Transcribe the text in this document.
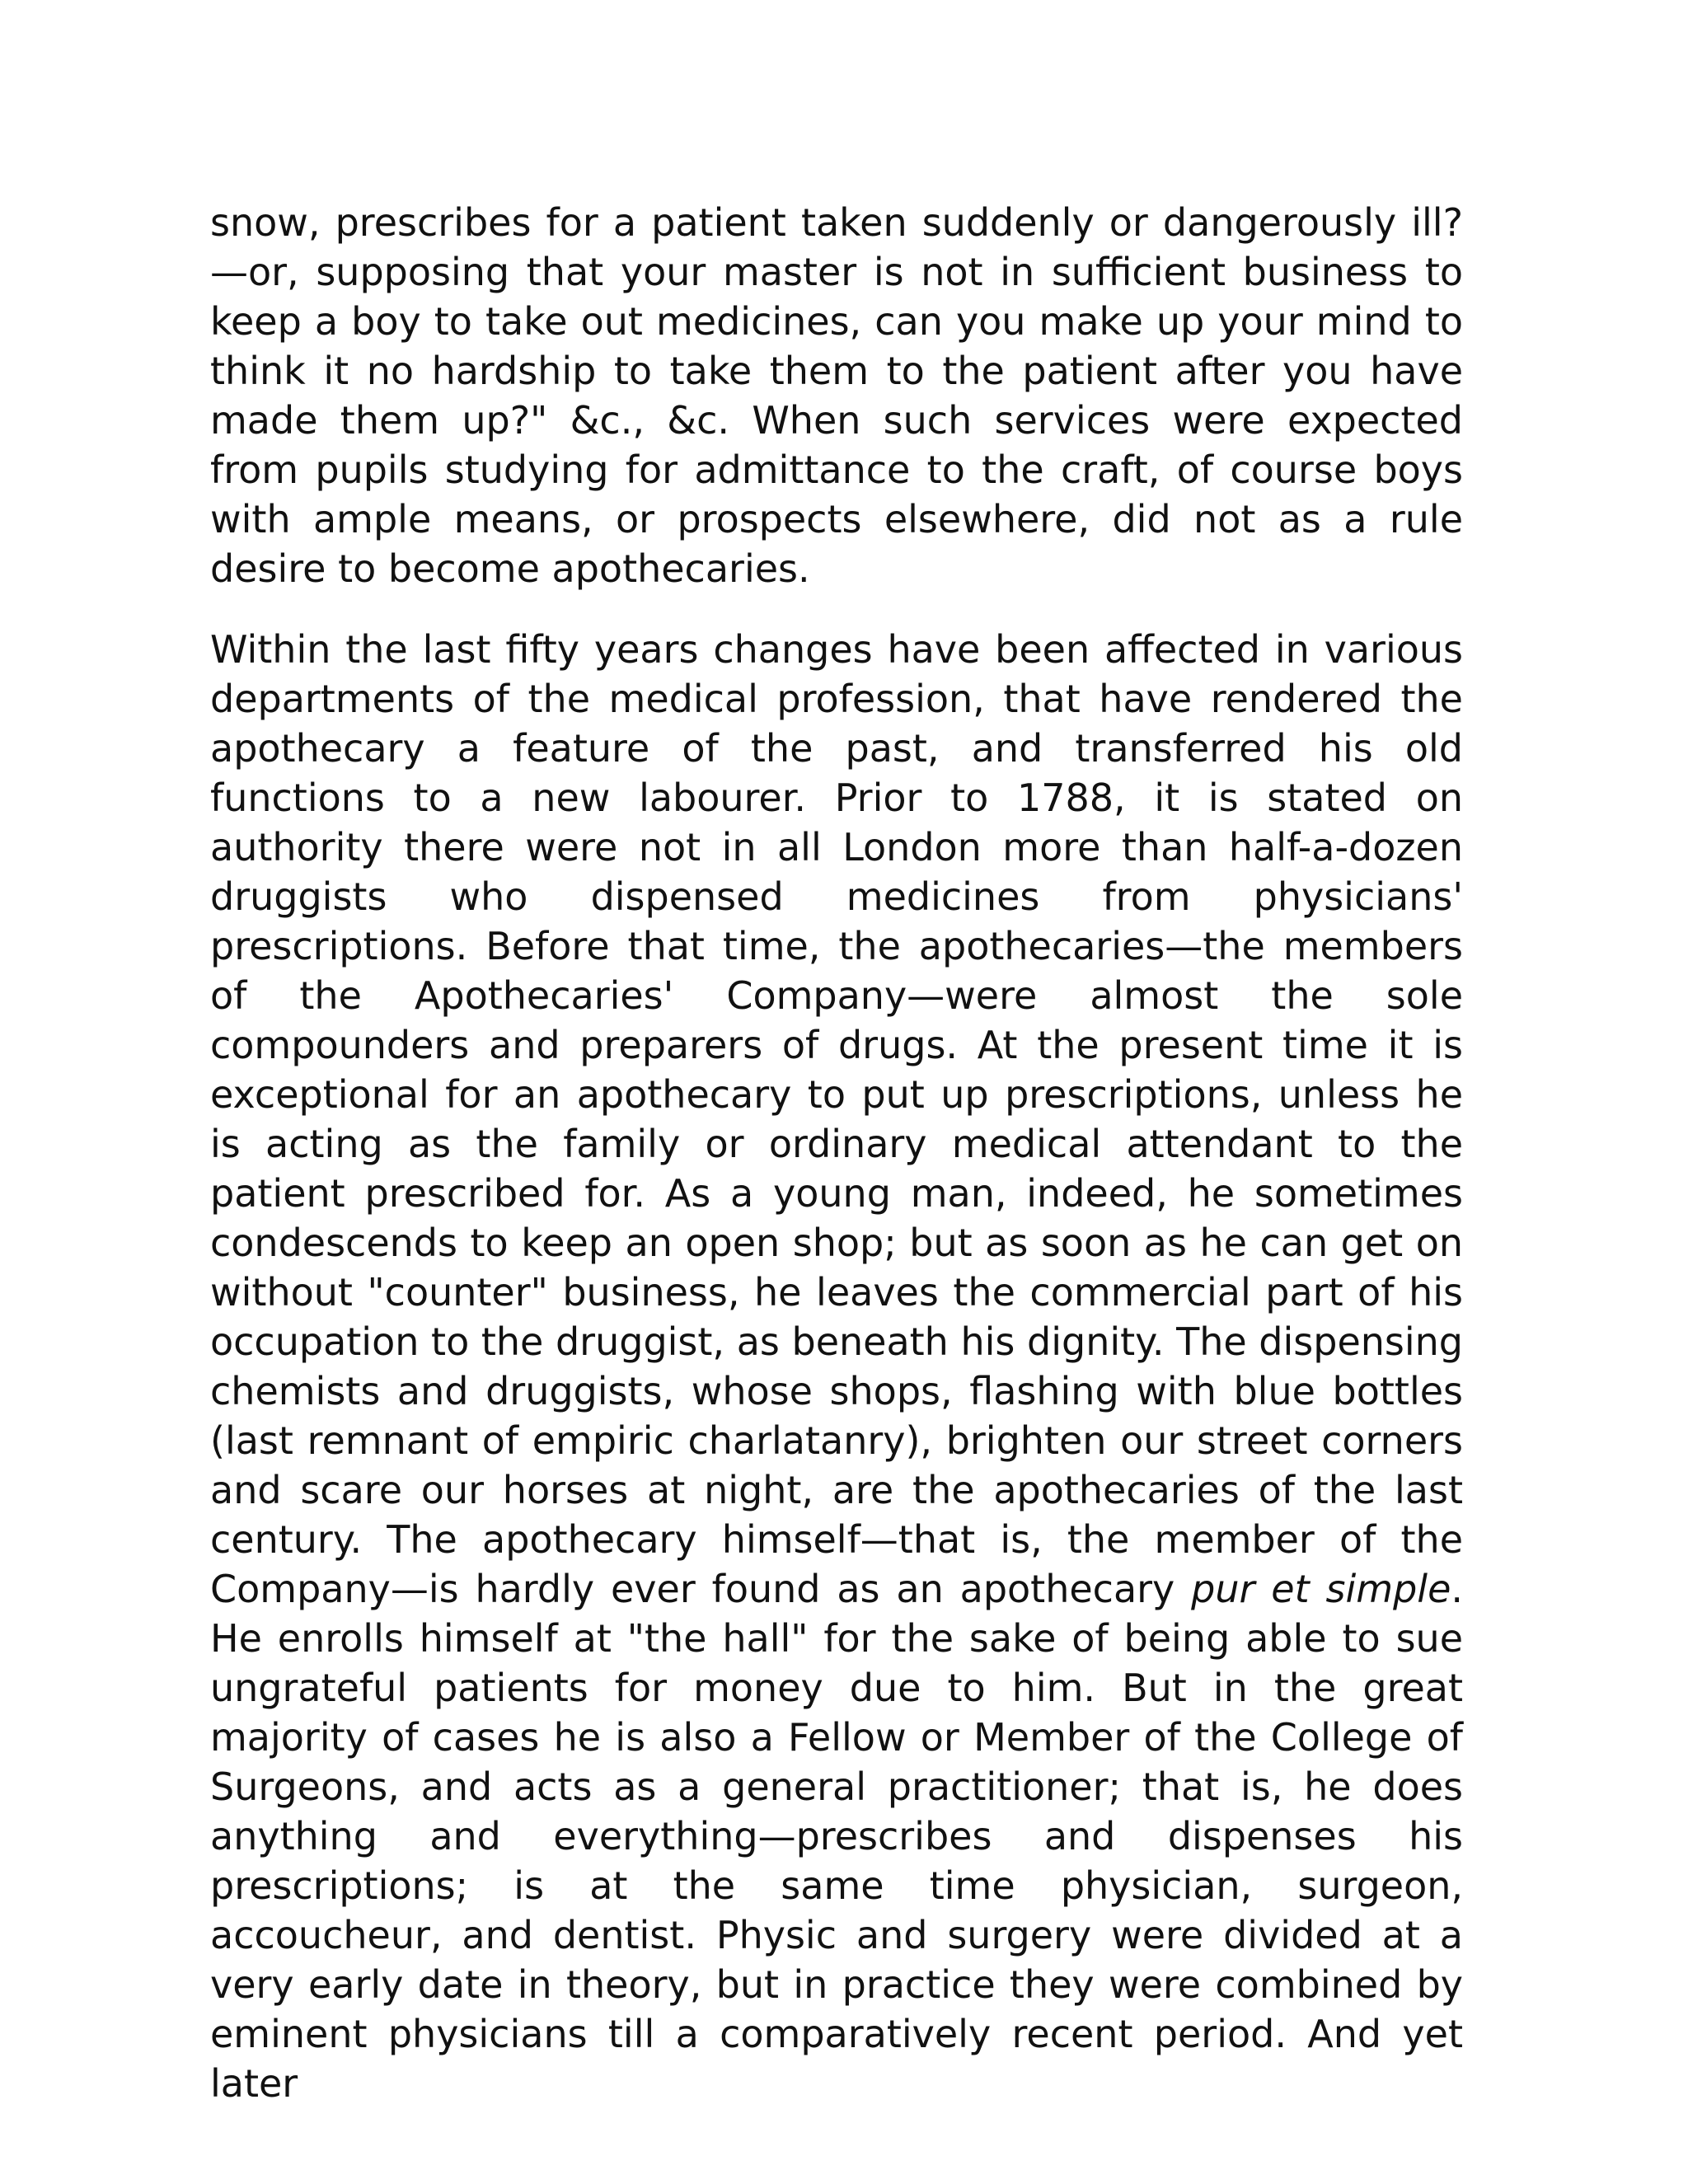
snow, prescribes for a patient taken suddenly or dangerously ill?—or, supposing that your master is not in sufficient business to keep a boy to take out medicines, can you make up your mind to think it no hardship to take them to the patient after you have made them up?" &c., &c. When such services were expected from pupils studying for admittance to the craft, of course boys with ample means, or prospects elsewhere, did not as a rule desire to become apothecaries.

Within the last fifty years changes have been affected in various departments of the medical profession, that have rendered the apothecary a feature of the past, and transferred his old functions to a new labourer. Prior to 1788, it is stated on authority there were not in all London more than half-a-dozen druggists who dispensed medicines from physicians' prescriptions. Before that time, the apothecaries—the members of the Apothecaries' Company—were almost the sole compounders and preparers of drugs. At the present time it is exceptional for an apothecary to put up prescriptions, unless he is acting as the family or ordinary medical attendant to the patient prescribed for. As a young man, indeed, he sometimes condescends to keep an open shop; but as soon as he can get on without "counter" business, he leaves the commercial part of his occupation to the druggist, as beneath his dignity. The dispensing chemists and druggists, whose shops, flashing with blue bottles (last remnant of empiric charlatanry), brighten our street corners and scare our horses at night, are the apothecaries of the last century. The apothecary himself—that is, the member of the Company—is hardly ever found as an apothecary pur et simple. He enrolls himself at "the hall" for the sake of being able to sue ungrateful patients for money due to him. But in the great majority of cases he is also a Fellow or Member of the College of Surgeons, and acts as a general practitioner; that is, he does anything and everything—prescribes and dispenses his prescriptions; is at the same time physician, surgeon, accoucheur, and dentist. Physic and surgery were divided at a very early date in theory, but in practice they were combined by eminent physicians till a comparatively recent period. And yet later
